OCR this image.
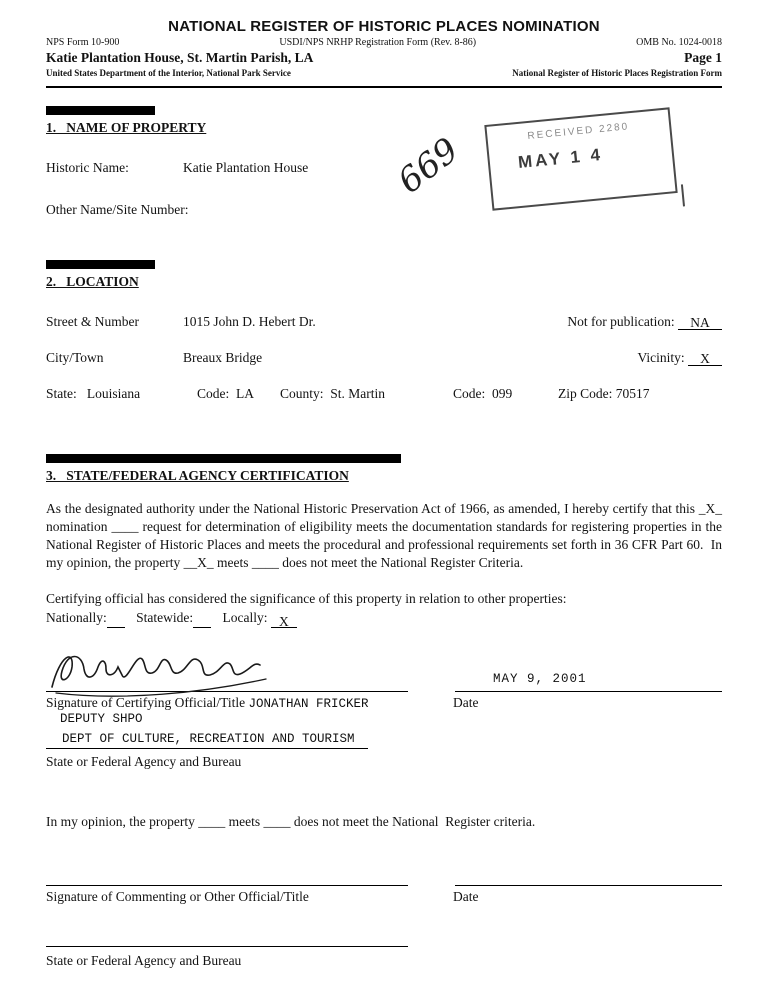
NATIONAL REGISTER OF HISTORIC PLACES NOMINATION
NPS Form 10-900	USDI/NPS NRHP Registration Form (Rev. 8-86)	OMB No. 1024-0018
Katie Plantation House, St. Martin Parish, LA	Page 1
United States Department of the Interior, National Park Service	National Register of Historic Places Registration Form
RECEIVED 2280
MAY 1 4
669
1.   NAME OF PROPERTY
Historic Name:	Katie Plantation House
Other Name/Site Number:
2.   LOCATION
Street & Number	1015 John D. Hebert Dr.	Not for publication: NA
City/Town	Breaux Bridge	Vicinity: X
State:   Louisiana	Code:  LA	County:  St. Martin	Code:  099	Zip Code: 70517
3.   STATE/FEDERAL AGENCY CERTIFICATION
As the designated authority under the National Historic Preservation Act of 1966, as amended, I hereby certify that this _X_ nomination ____ request for determination of eligibility meets the documentation standards for registering properties in the National Register of Historic Places and meets the procedural and professional requirements set forth in 36 CFR Part 60.  In my opinion, the property __X_ meets ____ does not meet the National Register Criteria.
Certifying official has considered the significance of this property in relation to other properties:
Nationally: Statewide: Locally: X
MAY 9, 2001
Signature of Certifying Official/Title JONATHAN FRICKER	Date
DEPUTY SHPO
DEPT OF CULTURE, RECREATION AND TOURISM
State or Federal Agency and Bureau
In my opinion, the property ____ meets ____ does not meet the National  Register criteria.
Signature of Commenting or Other Official/Title	Date
State or Federal Agency and Bureau
